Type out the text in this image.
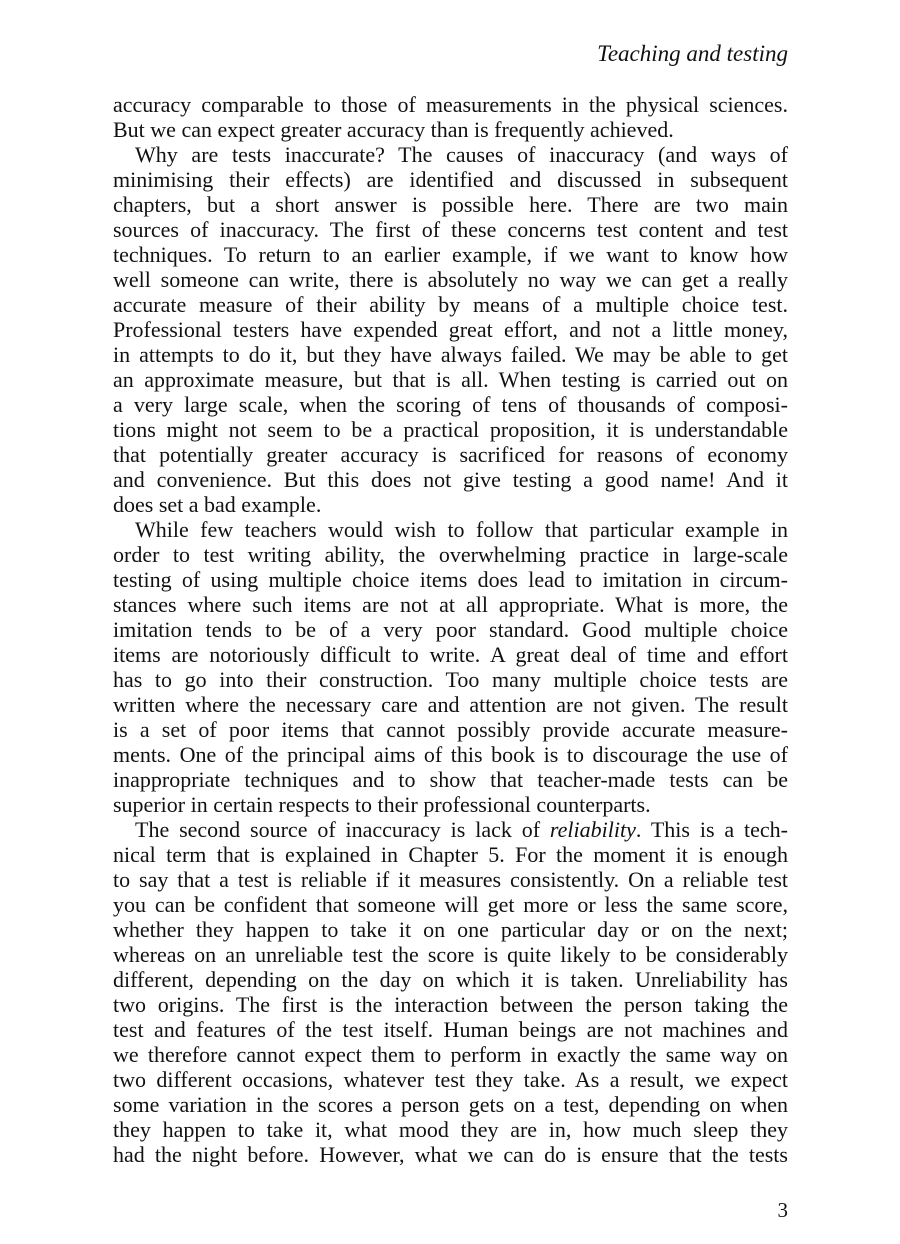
Teaching and testing
accuracy comparable to those of measurements in the physical sciences.
But we can expect greater accuracy than is frequently achieved.
Why are tests inaccurate? The causes of inaccuracy (and ways of
minimising their effects) are identified and discussed in subsequent
chapters, but a short answer is possible here. There are two main
sources of inaccuracy. The first of these concerns test content and test
techniques. To return to an earlier example, if we want to know how
well someone can write, there is absolutely no way we can get a really
accurate measure of their ability by means of a multiple choice test.
Professional testers have expended great effort, and not a little money,
in attempts to do it, but they have always failed. We may be able to get
an approximate measure, but that is all. When testing is carried out on
a very large scale, when the scoring of tens of thousands of composi-
tions might not seem to be a practical proposition, it is understandable
that potentially greater accuracy is sacrificed for reasons of economy
and convenience. But this does not give testing a good name! And it
does set a bad example.
While few teachers would wish to follow that particular example in
order to test writing ability, the overwhelming practice in large-scale
testing of using multiple choice items does lead to imitation in circum-
stances where such items are not at all appropriate. What is more, the
imitation tends to be of a very poor standard. Good multiple choice
items are notoriously difficult to write. A great deal of time and effort
has to go into their construction. Too many multiple choice tests are
written where the necessary care and attention are not given. The result
is a set of poor items that cannot possibly provide accurate measure-
ments. One of the principal aims of this book is to discourage the use of
inappropriate techniques and to show that teacher-made tests can be
superior in certain respects to their professional counterparts.
The second source of inaccuracy is lack of reliability. This is a tech-
nical term that is explained in Chapter 5. For the moment it is enough
to say that a test is reliable if it measures consistently. On a reliable test
you can be confident that someone will get more or less the same score,
whether they happen to take it on one particular day or on the next;
whereas on an unreliable test the score is quite likely to be considerably
different, depending on the day on which it is taken. Unreliability has
two origins. The first is the interaction between the person taking the
test and features of the test itself. Human beings are not machines and
we therefore cannot expect them to perform in exactly the same way on
two different occasions, whatever test they take. As a result, we expect
some variation in the scores a person gets on a test, depending on when
they happen to take it, what mood they are in, how much sleep they
had the night before. However, what we can do is ensure that the tests
3
